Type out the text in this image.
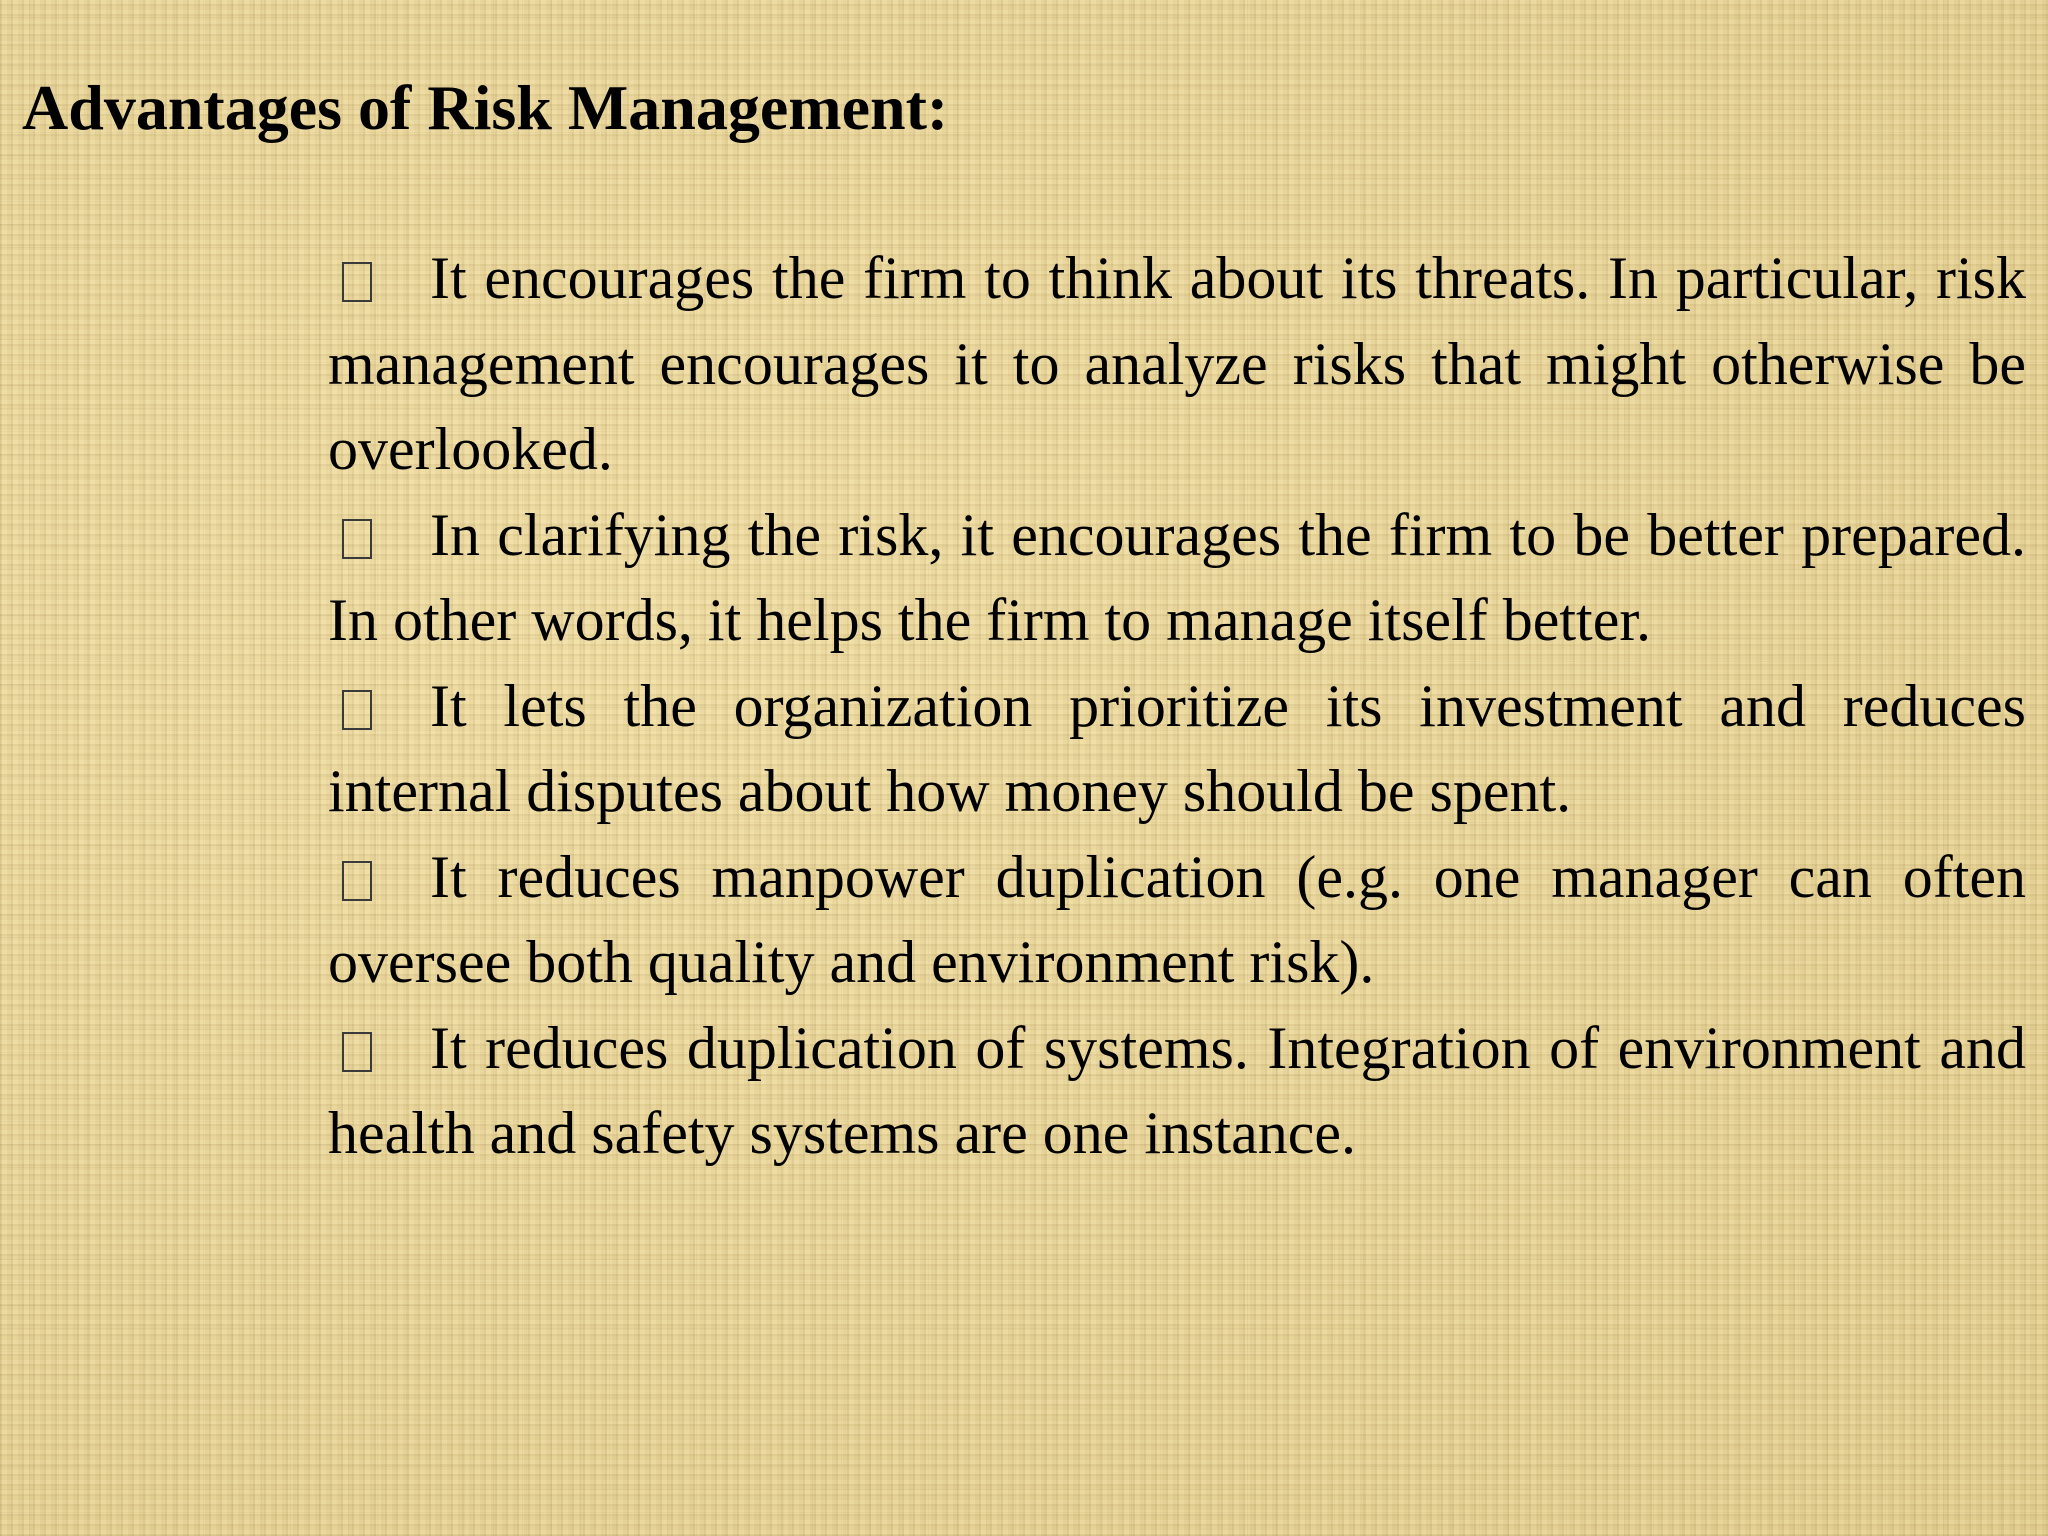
Advantages of Risk Management:
It encourages the firm to think about its threats. In particular, risk management encourages it to analyze risks that might otherwise be overlooked.
In clarifying the risk, it encourages the firm to be better prepared. In other words, it helps the firm to manage itself better.
It lets the organization prioritize its investment and reduces internal disputes about how money should be spent.
It reduces manpower duplication (e.g. one manager can often oversee both quality and environment risk).
It reduces duplication of systems. Integration of environment and health and safety systems are one instance.
